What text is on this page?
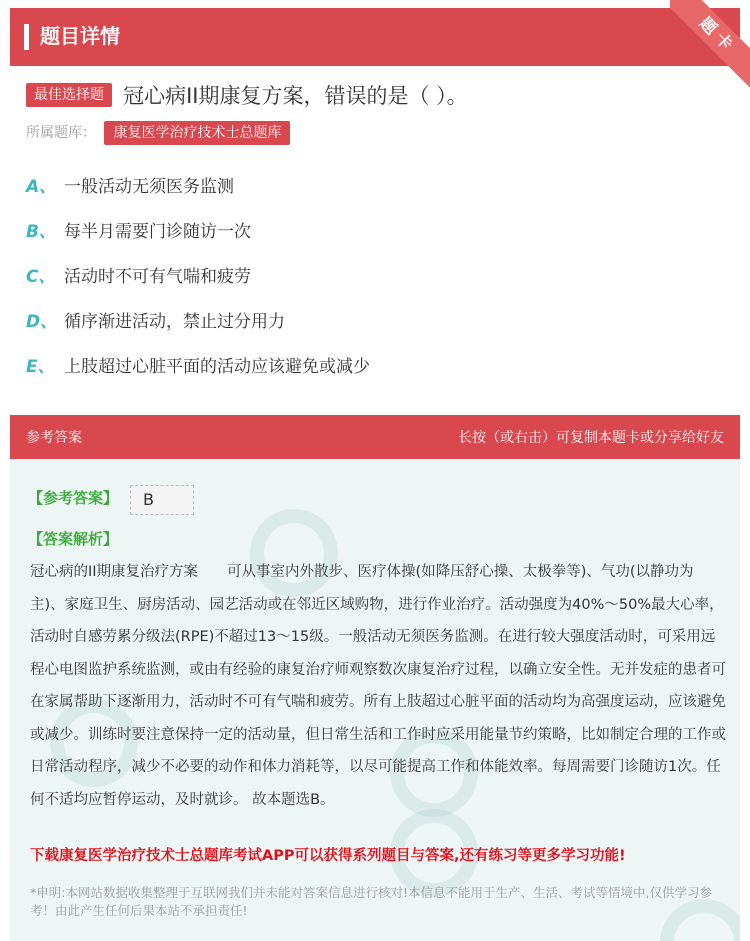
题目详情	题卡
最佳选择题 冠心病II期康复方案，错误的是（ ）。
所属题库： 康复医学治疗技术士总题库
A、 一般活动无须医务监测
B、 每半月需要门诊随访一次
C、 活动时不可有气喘和疲劳
D、 循序渐进活动，禁止过分用力
E、 上肢超过心脏平面的活动应该避免或减少
参考答案	长按（或右击）可复制本题卡或分享给好友
【参考答案】	B
【答案解析】
冠心病的II期康复治疗方案　　可从事室内外散步、医疗体操(如降压舒心操、太极拳等)、气功(以静功为主)、家庭卫生、厨房活动、园艺活动或在邻近区域购物，进行作业治疗。活动强度为40%～50%最大心率，活动时自感劳累分级法(RPE)不超过13～15级。一般活动无须医务监测。在进行较大强度活动时，可采用远程心电图监护系统监测，或由有经验的康复治疗师观察数次康复治疗过程，以确立安全性。无并发症的患者可在家属帮助下逐渐用力，活动时不可有气喘和疲劳。所有上肢超过心脏平面的活动均为高强度运动，应该避免或减少。训练时要注意保持一定的活动量，但日常生活和工作时应采用能量节约策略，比如制定合理的工作或日常活动程序，减少不必要的动作和体力消耗等，以尽可能提高工作和体能效率。每周需要门诊随访1次。任何不适均应暂停运动，及时就诊。 故本题选B。
下载康复医学治疗技术士总题库考试APP可以获得系列题目与答案,还有练习等更多学习功能!
*申明:本网站数据收集整理于互联网我们并未能对答案信息进行核对!本信息不能用于生产、生活、考试等情境中,仅供学习参考！由此产生任何后果本站不承担责任!
